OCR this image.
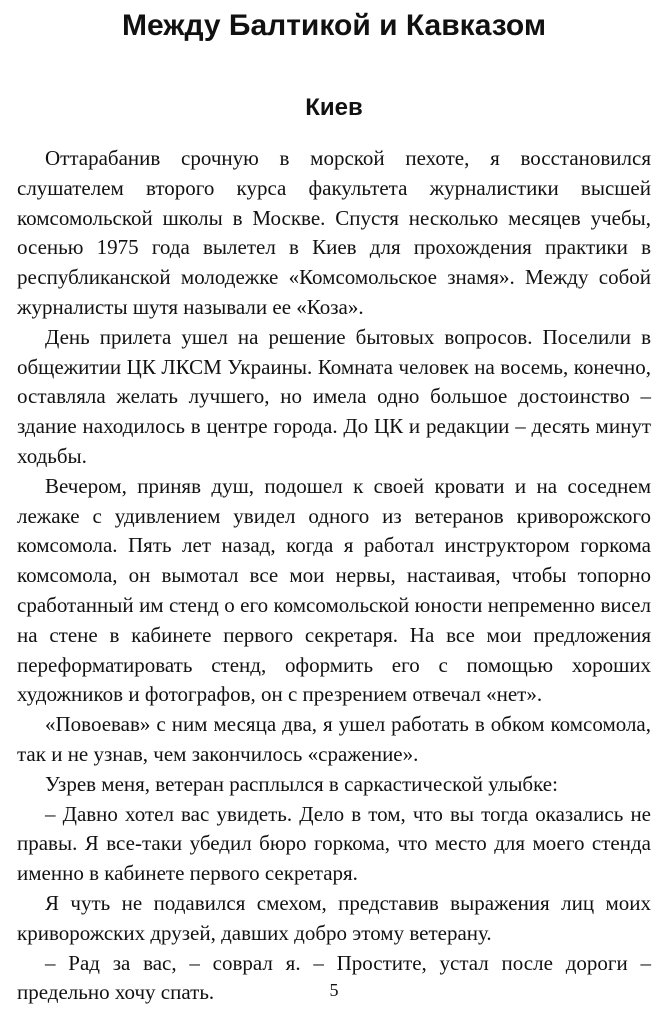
Между Балтикой и Кавказом
Киев

Оттарабанив срочную в морской пехоте, я восстановился слушателем второго курса факультета журналистики высшей комсомольской школы в Москве. Спустя несколько месяцев учебы, осенью 1975 года вылетел в Киев для прохождения практики в республиканской молодежке «Комсомольское знамя». Между собой журналисты шутя называли ее «Коза».

День прилета ушел на решение бытовых вопросов. Поселили в общежитии ЦК ЛКСМ Украины. Комната человек на восемь, конечно, оставляла желать лучшего, но имела одно большое достоинство – здание находилось в центре города. До ЦК и редакции – десять минут ходьбы.

Вечером, приняв душ, подошел к своей кровати и на соседнем лежаке с удивлением увидел одного из ветеранов криворожского комсомола. Пять лет назад, когда я работал инструктором горкома комсомола, он вымотал все мои нервы, настаивая, чтобы топорно сработанный им стенд о его комсомольской юности непременно висел на стене в кабинете первого секретаря. На все мои предложения переформатировать стенд, оформить его с помощью хороших художников и фотографов, он с презрением отвечал «нет».

«Повоевав» с ним месяца два, я ушел работать в обком комсомола, так и не узнав, чем закончилось «сражение».

Узрев меня, ветеран расплылся в саркастической улыбке:

– Давно хотел вас увидеть. Дело в том, что вы тогда оказались не правы. Я все-таки убедил бюро горкома, что место для моего стенда именно в кабинете первого секретаря.

Я чуть не подавился смехом, представив выражения лиц моих криворожских друзей, давших добро этому ветерану.

– Рад за вас, – соврал я. – Простите, устал после дороги – предельно хочу спать.	5
